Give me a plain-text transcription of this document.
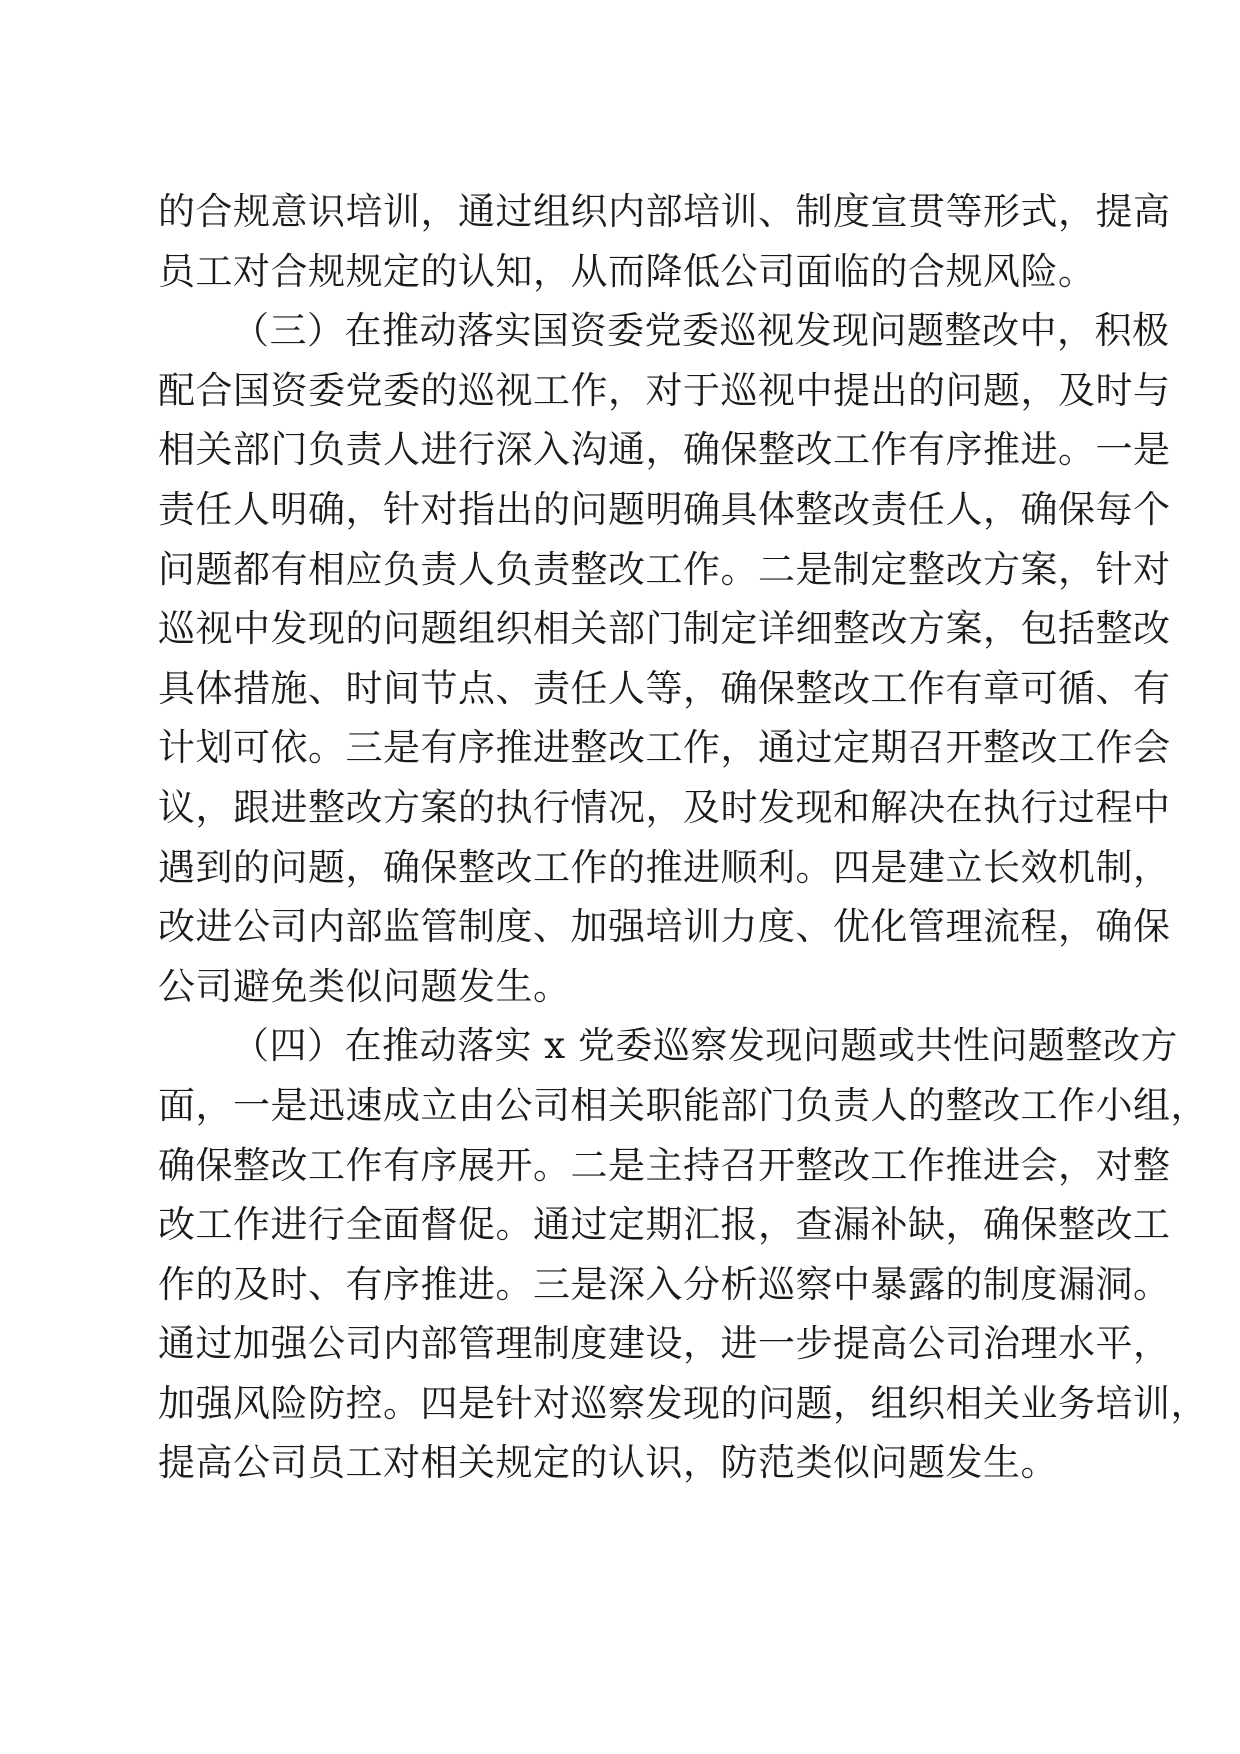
的合规意识培训，通过组织内部培训、制度宣贯等形式，提高
员工对合规规定的认知，从而降低公司面临的合规风险。
（三）在推动落实国资委党委巡视发现问题整改中，积极
配合国资委党委的巡视工作，对于巡视中提出的问题，及时与
相关部门负责人进行深入沟通，确保整改工作有序推进。一是
责任人明确，针对指出的问题明确具体整改责任人，确保每个
问题都有相应负责人负责整改工作。二是制定整改方案，针对
巡视中发现的问题组织相关部门制定详细整改方案，包括整改
具体措施、时间节点、责任人等，确保整改工作有章可循、有
计划可依。三是有序推进整改工作，通过定期召开整改工作会
议，跟进整改方案的执行情况，及时发现和解决在执行过程中
遇到的问题，确保整改工作的推进顺利。四是建立长效机制，
改进公司内部监管制度、加强培训力度、优化管理流程，确保
公司避免类似问题发生。
（四）在推动落实 x 党委巡察发现问题或共性问题整改方
面，一是迅速成立由公司相关职能部门负责人的整改工作小组，
确保整改工作有序展开。二是主持召开整改工作推进会，对整
改工作进行全面督促。通过定期汇报，查漏补缺，确保整改工
作的及时、有序推进。三是深入分析巡察中暴露的制度漏洞。
通过加强公司内部管理制度建设，进一步提高公司治理水平，
加强风险防控。四是针对巡察发现的问题，组织相关业务培训，
提高公司员工对相关规定的认识，防范类似问题发生。
